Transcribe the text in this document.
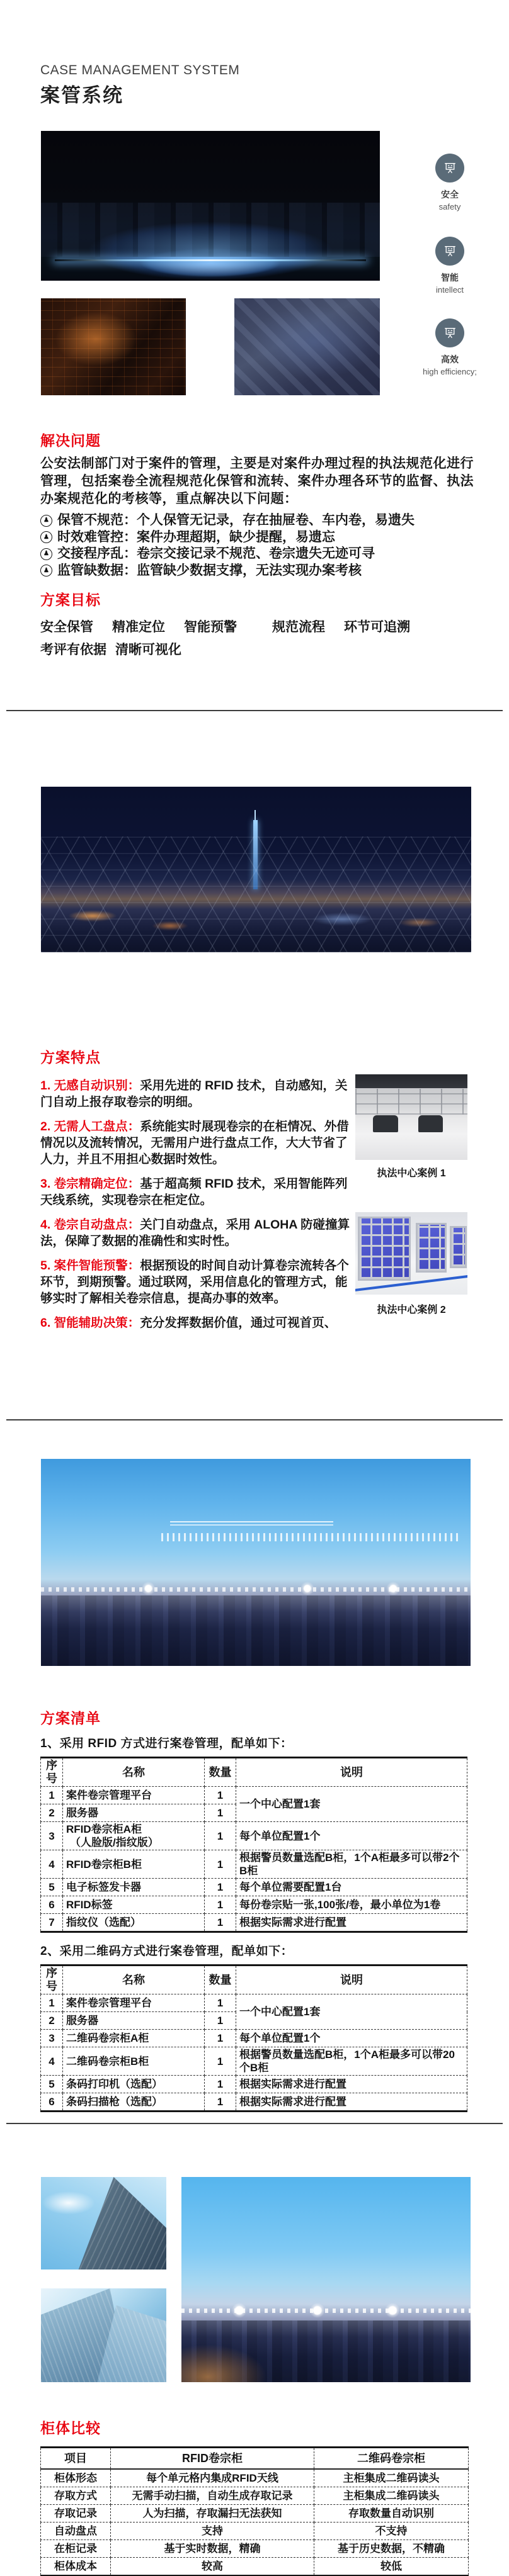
CASE MANAGEMENT SYSTEM
案管系统
安全
safety
智能
intellect
高效
high efficiency;
解决问题

公安法制部门对于案件的管理，主要是对案件办理过程的执法规范化进行管理，包括案卷全流程规范化保管和流转、案件办理各环节的监督、执法办案规范化的考核等，重点解决以下问题：

♟
保管不规范： 个人保管无记录，存在抽屉卷、车内卷，易遗失
♟
时效难管控： 案件办理超期，缺少提醒，易遗忘
♟
交接程序乱： 卷宗交接记录不规范、卷宗遗失无迹可寻
♟
监管缺数据： 监管缺少数据支撑，无法实现办案考核
方案目标
安全保管 精准定位 智能预警	规范流程 环节可追溯
考评有依据 清晰可视化
方案特点

1. 无感自动识别：采用先进的 RFID 技术，自动感知，关门自动上报存取卷宗的明细。

2. 无需人工盘点：系统能实时展现卷宗的在柜情况、外借情况以及流转情况，无需用户进行盘点工作，大大节省了人力，并且不用担心数据时效性。

3. 卷宗精确定位：基于超高频 RFID 技术，采用智能阵列天线系统，实现卷宗在柜定位。

4. 卷宗自动盘点：关门自动盘点，采用 ALOHA 防碰撞算法，保障了数据的准确性和实时性。

5. 案件智能预警：根据预设的时间自动计算卷宗流转各个环节，到期预警。通过联网，采用信息化的管理方式，能够实时了解相关卷宗信息，提高办事的效率。

6. 智能辅助决策：充分发挥数据价值，通过可视首页、

执法中心案例 1
执法中心案例 2
方案清单

1、采用 RFID 方式进行案卷管理，配单如下：

序号	名称	数量	说明
1	案件卷宗管理平台	1	一个中心配置1套
2	服务器	1	
3	RFID卷宗柜A柜
（人脸版/指纹版）	1	每个单位配置1个
4	RFID卷宗柜B柜	1	根据警员数量选配B柜，1个A柜最多可以带2个B柜
5	电子标签发卡器	1	每个单位需要配置1台
6	RFID标签	1	每份卷宗贴一张,100张/卷，最小单位为1卷
7	指纹仪（选配）	1	根据实际需求进行配置

2、采用二维码方式进行案卷管理，配单如下：

序号	名称	数量	说明
1	案件卷宗管理平台	1	一个中心配置1套
2	服务器	1	
3	二维码卷宗柜A柜	1	每个单位配置1个
4	二维码卷宗柜B柜	1	根据警员数量选配B柜，1个A柜最多可以带20个B柜
5	条码打印机（选配）	1	根据实际需求进行配置
6	条码扫描枪（选配）	1	根据实际需求进行配置
柜体比较
项目	RFID卷宗柜	二维码卷宗柜
柜体形态	每个单元格内集成RFID天线	主柜集成二维码读头
存取方式	无需手动扫描，自动生成存取记录	主柜集成二维码读头
存取记录	人为扫描，存取漏扫无法获知	存取数量自动识别
自动盘点	支持	不支持
在柜记录	基于实时数据，精确	基于历史数据，不精确
柜体成本	较高	较低
